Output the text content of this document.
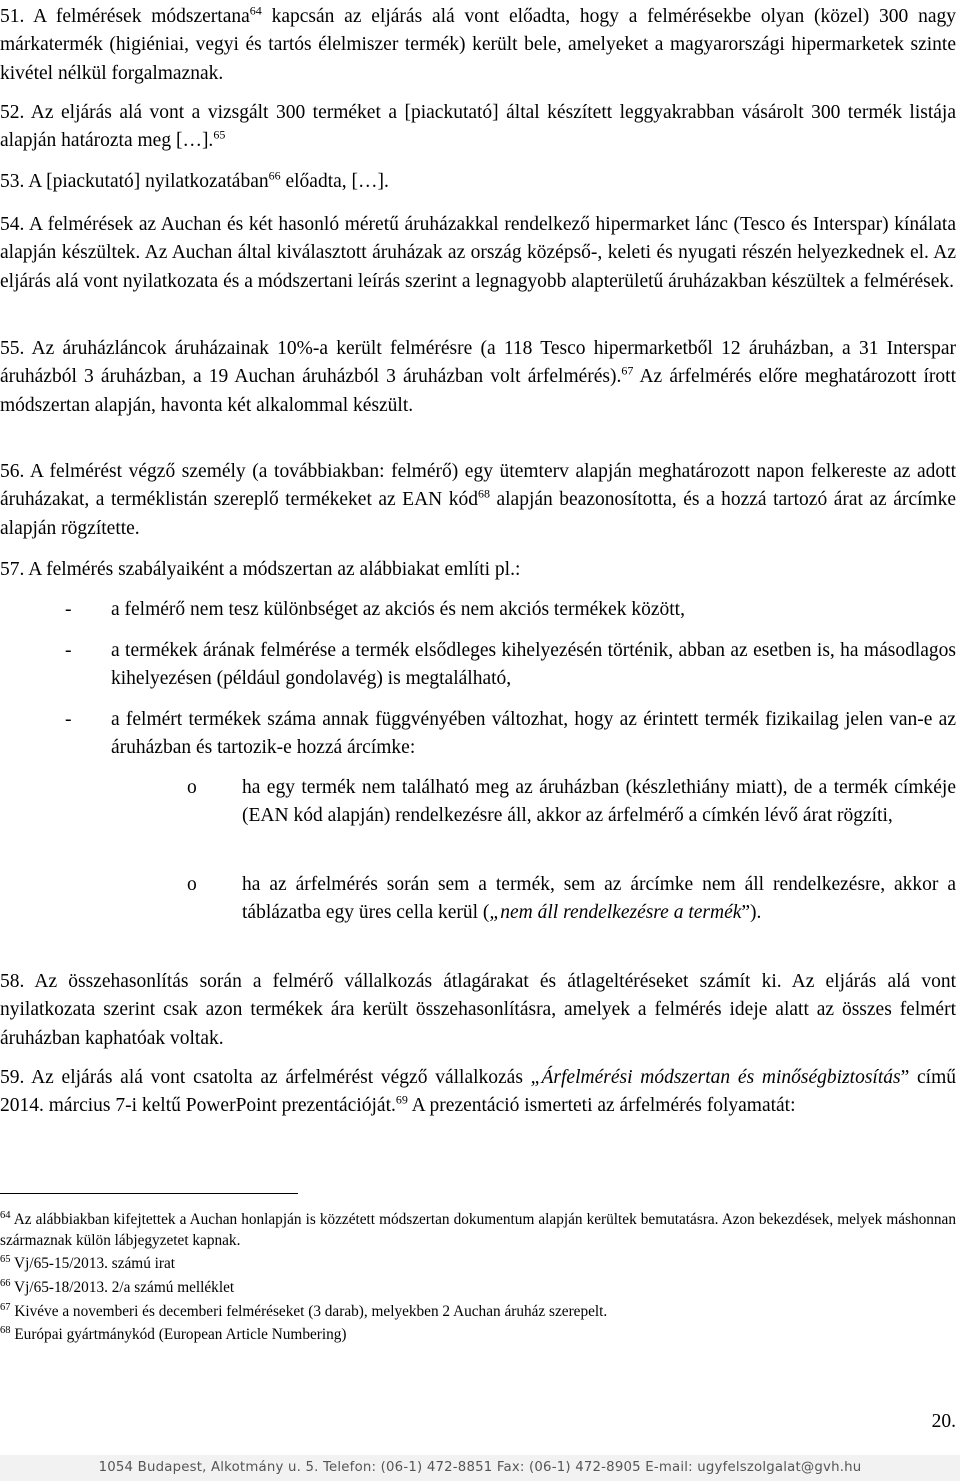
51. A felmérések módszertana$^{64}$ kapcsán az eljárás alá vont előadta, hogy a felmérésekbe olyan (közel) 300 nagy márkatermék (higiéniai, vegyi és tartós élelmiszer termék) került bele, amelyeket a magyarországi hipermarketek szinte kivétel nélkül forgalmaznak.
52. Az eljárás alá vont a vizsgált 300 terméket a [piackutató] által készített leggyakrabban vásárolt 300 termék listája alapján határozta meg […].$^{65}$
53. A [piackutató] nyilatkozatában$^{66}$ előadta, […].
54. A felmérések az Auchan és két hasonló méretű áruházakkal rendelkező hipermarket lánc (Tesco és Interspar) kínálata alapján készültek. Az Auchan által kiválasztott áruházak az ország középső-, keleti és nyugati részén helyezkednek el. Az eljárás alá vont nyilatkozata és a módszertani leírás szerint a legnagyobb alapterületű áruházakban készültek a felmérések.
55. Az áruházláncok áruházainak 10%-a került felmérésre (a 118 Tesco hipermarketből 12 áruházban, a 31 Interspar áruházból 3 áruházban, a 19 Auchan áruházból 3 áruházban volt árfelmérés).$^{67}$ Az árfelmérés előre meghatározott írott módszertan alapján, havonta két alkalommal készült.
56. A felmérést végző személy (a továbbiakban: felmérő) egy ütemterv alapján meghatározott napon felkereste az adott áruházakat, a terméklistán szereplő termékeket az EAN kód$^{68}$ alapján beazonosította, és a hozzá tartozó árat az árcímke alapján rögzítette.
57. A felmérés szabályaiként a módszertan az alábbiakat említi pl.:
- a felmérő nem tesz különbséget az akciós és nem akciós termékek között,
- a termékek árának felmérése a termék elsődleges kihelyezésén történik, abban az esetben is, ha másodlagos kihelyezésen (például gondolavég) is megtalálható,
- a felmért termékek száma annak függvényében változhat, hogy az érintett termék fizikailag jelen van-e az áruházban és tartozik-e hozzá árcímke:
o ha egy termék nem található meg az áruházban (készlethiány miatt), de a termék címkéje (EAN kód alapján) rendelkezésre áll, akkor az árfelmérő a címkén lévő árat rögzíti,
o ha az árfelmérés során sem a termék, sem az árcímke nem áll rendelkezésre, akkor a táblázatba egy üres cella kerül („nem áll rendelkezésre a termék”).
58. Az összehasonlítás során a felmérő vállalkozás átlagárakat és átlageltéréseket számít ki. Az eljárás alá vont nyilatkozata szerint csak azon termékek ára került összehasonlításra, amelyek a felmérés ideje alatt az összes felmért áruházban kaphatóak voltak.
59. Az eljárás alá vont csatolta az árfelmérést végző vállalkozás „Árfelmérési módszertan és minőségbiztosítás” című 2014. március 7-i keltű PowerPoint prezentációját.$^{69}$ A prezentáció ismerteti az árfelmérés folyamatát:
$^{64}$ Az alábbiakban kifejtettek a Auchan honlapján is közzétett módszertan dokumentum alapján kerültek bemutatásra. Azon bekezdések, melyek máshonnan származnak külön lábjegyzetet kapnak.
$^{65}$ Vj/65-15/2013. számú irat
$^{66}$ Vj/65-18/2013. 2/a számú melléklet
$^{67}$ Kivéve a novemberi és decemberi felméréseket (3 darab), melyekben 2 Auchan áruház szerepelt.
$^{68}$ Európai gyártmánykód (European Article Numbering)
20.
1054 Budapest, Alkotmány u. 5. Telefon: (06-1) 472-8851 Fax: (06-1) 472-8905 E-mail: ugyfelszolgalat@gvh.hu
